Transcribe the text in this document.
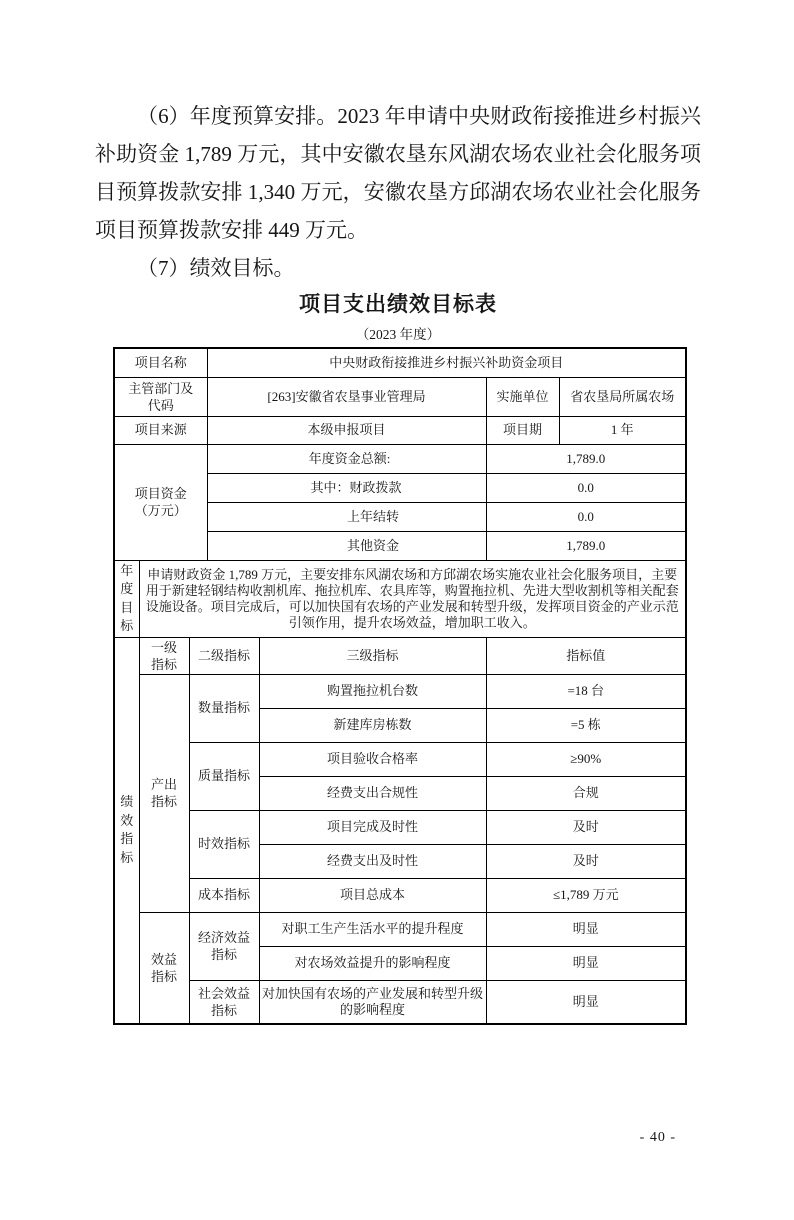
（6）年度预算安排。2023 年申请中央财政衔接推进乡村振兴补助资金 1,789 万元，其中安徽农垦东风湖农场农业社会化服务项目预算拨款安排 1,340 万元，安徽农垦方邱湖农场农业社会化服务项目预算拨款安排 449 万元。

（7）绩效目标。

项目支出绩效目标表
（2023 年度）
项目名称			中央财政衔接推进乡村振兴补助资金项目			
主管部门及代码			[263]安徽省农垦事业管理局		实施单位	省农垦局所属农场
项目来源			本级申报项目		项目期	1 年
项目资金（万元）			年度资金总额:		1,789.0	
			其中：财政拨款		0.0	
			上年结转		0.0	
			其他资金		1,789.0	

年度目标	申请财政资金 1,789 万元，主要安排东风湖农场和方邱湖农场实施农业社会化服务项目，主要用于新建轻钢结构收割机库、拖拉机库、农具库等，购置拖拉机、先进大型收割机等相关配套设施设备。项目完成后，可以加快国有农场的产业发展和转型升级，发挥项目资金的产业示范引领作用，提升农场效益，增加职工收入。					

绩效指标	一级指标	二级指标		三级指标	指标值	
	产出指标	数量指标		购置拖拉机台数	=18 台	
				新建库房栋数	=5 栋	
		质量指标		项目验收合格率	≥90%	
				经费支出合规性	合规	
		时效指标		项目完成及时性	及时	
				经费支出及时性	及时	
		成本指标		项目总成本	≤1,789 万元	
	效益指标	经济效益指标		对职工生产生活水平的提升程度	明显	
				对农场效益提升的影响程度	明显	
		社会效益指标		对加快国有农场的产业发展和转型升级的影响程度	明显	
- 40 -
